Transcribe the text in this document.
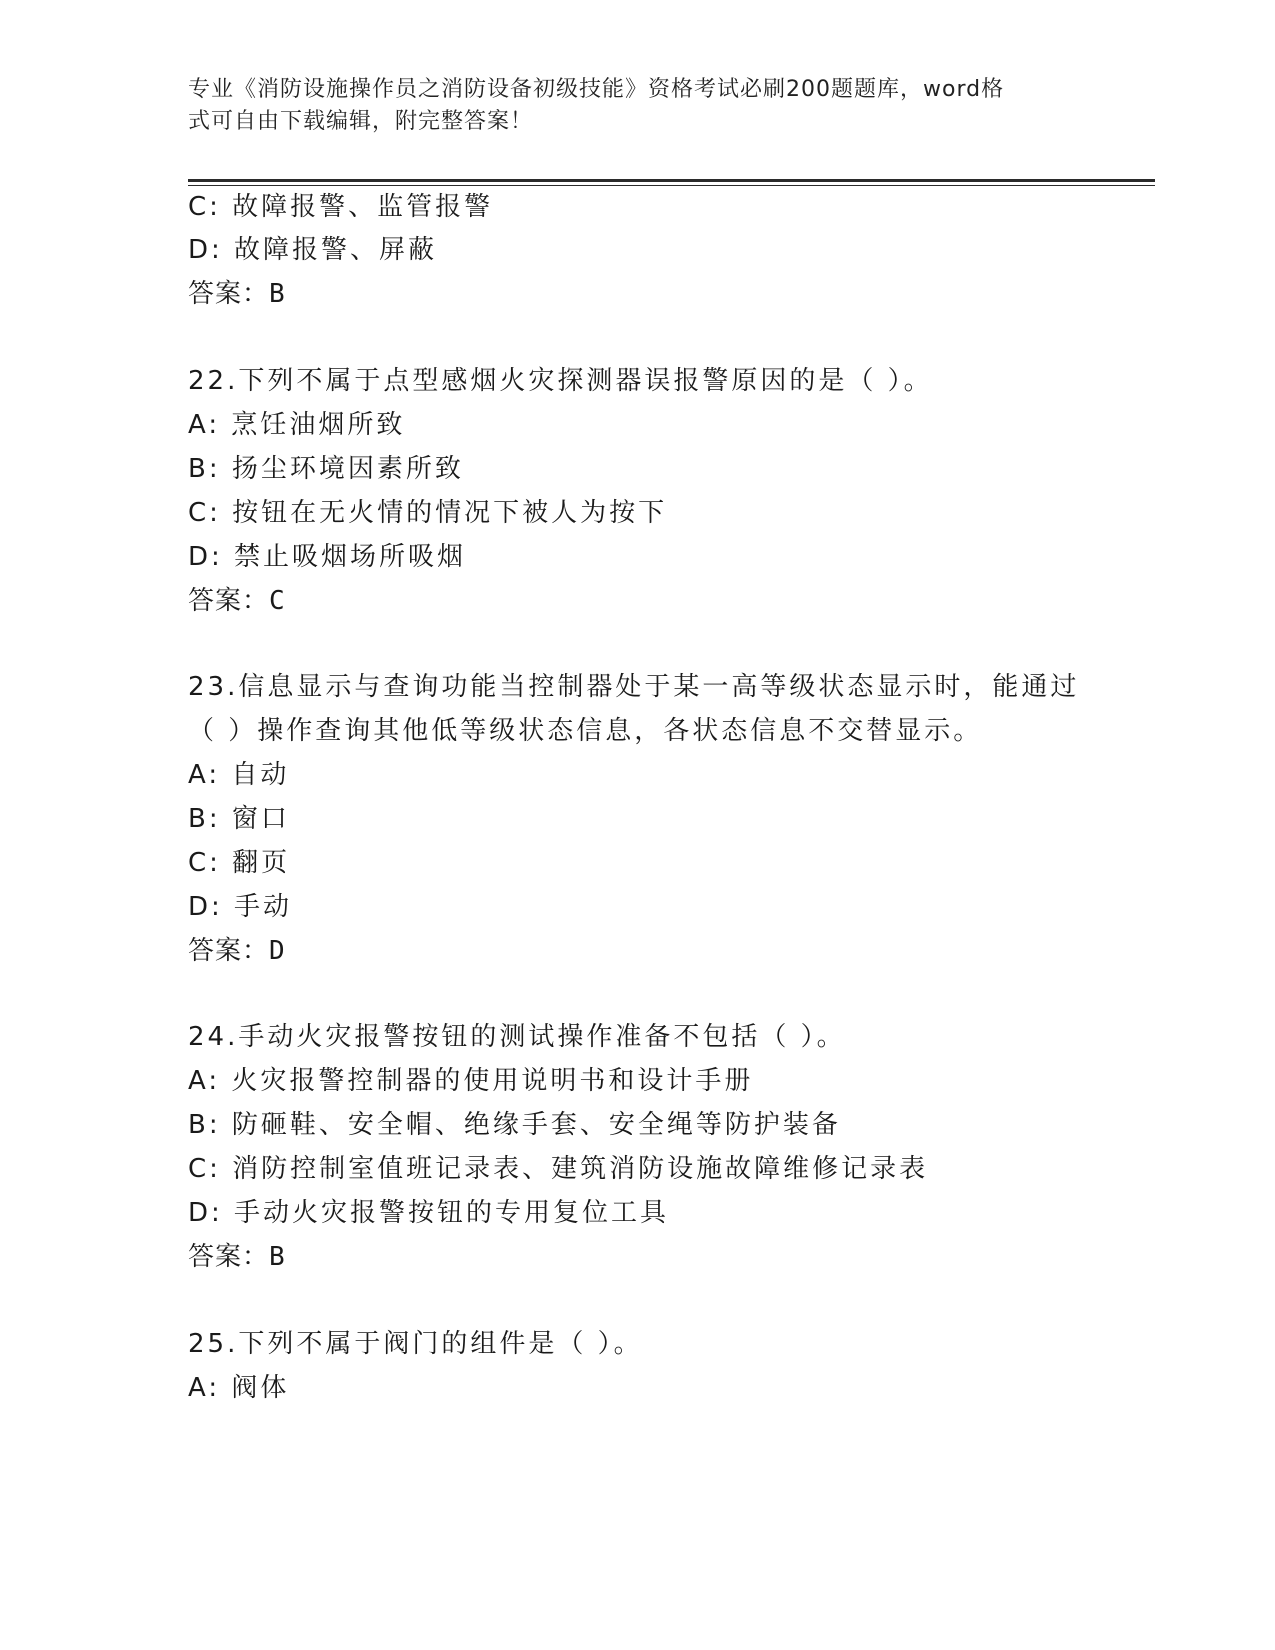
专业《消防设施操作员之消防设备初级技能》资格考试必刷200题题库，word格
式可自由下载编辑，附完整答案！
C: 故障报警、监管报警
D: 故障报警、屏蔽
答案：B
22.下列不属于点型感烟火灾探测器误报警原因的是（ ）。
A: 烹饪油烟所致
B: 扬尘环境因素所致
C: 按钮在无火情的情况下被人为按下
D: 禁止吸烟场所吸烟
答案：C
23.信息显示与查询功能当控制器处于某一高等级状态显示时，能通过
（ ）操作查询其他低等级状态信息，各状态信息不交替显示。
A: 自动
B: 窗口
C: 翻页
D: 手动
答案：D
24.手动火灾报警按钮的测试操作准备不包括（ ）。
A: 火灾报警控制器的使用说明书和设计手册
B: 防砸鞋、安全帽、绝缘手套、安全绳等防护装备
C: 消防控制室值班记录表、建筑消防设施故障维修记录表
D: 手动火灾报警按钮的专用复位工具
答案：B
25.下列不属于阀门的组件是（ ）。
A: 阀体
